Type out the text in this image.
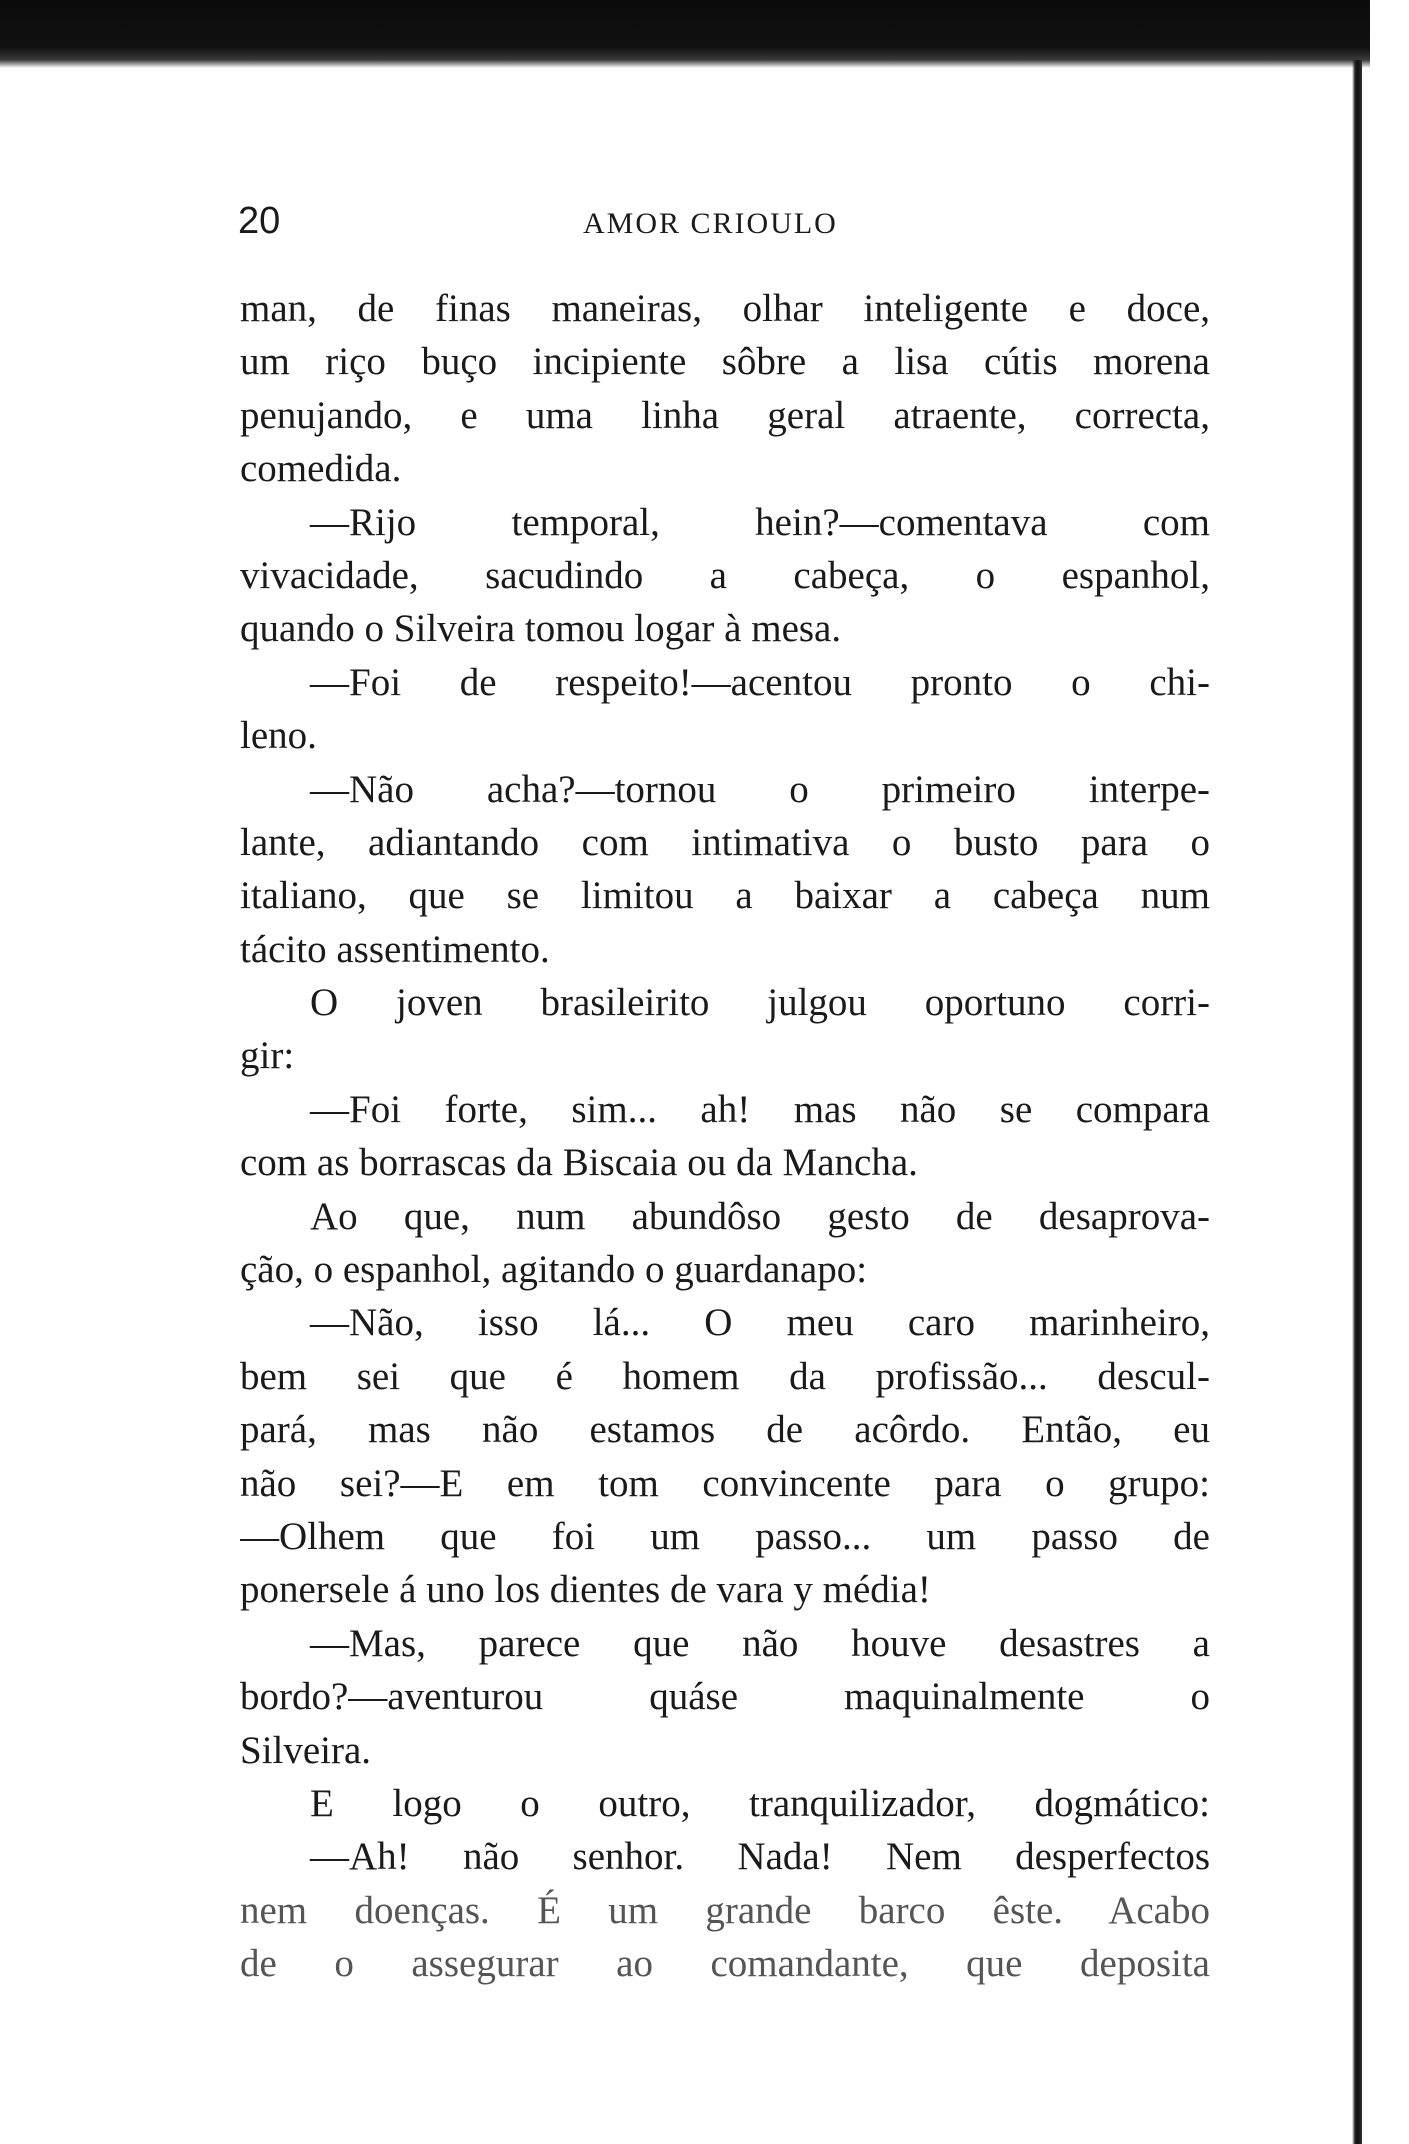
20	AMOR CRIOULO
man, de finas maneiras, olhar inteligente e doce,
um riço buço incipiente sôbre a lisa cútis morena
penujando, e uma linha geral atraente, correcta,
comedida.
—Rijo temporal, hein?—comentava com
vivacidade, sacudindo a cabeça, o espanhol,
quando o Silveira tomou logar à mesa.
—Foi de respeito!—acentou pronto o chi-
leno.
—Não acha?—tornou o primeiro interpe-
lante, adiantando com intimativa o busto para o
italiano, que se limitou a baixar a cabeça num
tácito assentimento.
O joven brasileirito julgou oportuno corri-
gir:
—Foi forte, sim... ah! mas não se compara
com as borrascas da Biscaia ou da Mancha.
Ao que, num abundôso gesto de desaprova-
ção, o espanhol, agitando o guardanapo:
—Não, isso lá... O meu caro marinheiro,
bem sei que é homem da profissão... descul-
pará, mas não estamos de acôrdo. Então, eu
não sei?—E em tom convincente para o grupo:
—Olhem que foi um passo... um passo de
ponersele á uno los dientes de vara y média!
—Mas, parece que não houve desastres a
bordo?—aventurou quáse maquinalmente o
Silveira.
E logo o outro, tranquilizador, dogmático:
—Ah! não senhor. Nada! Nem desperfectos
nem doenças. É um grande barco êste. Acabo
de o assegurar ao comandante, que deposita
